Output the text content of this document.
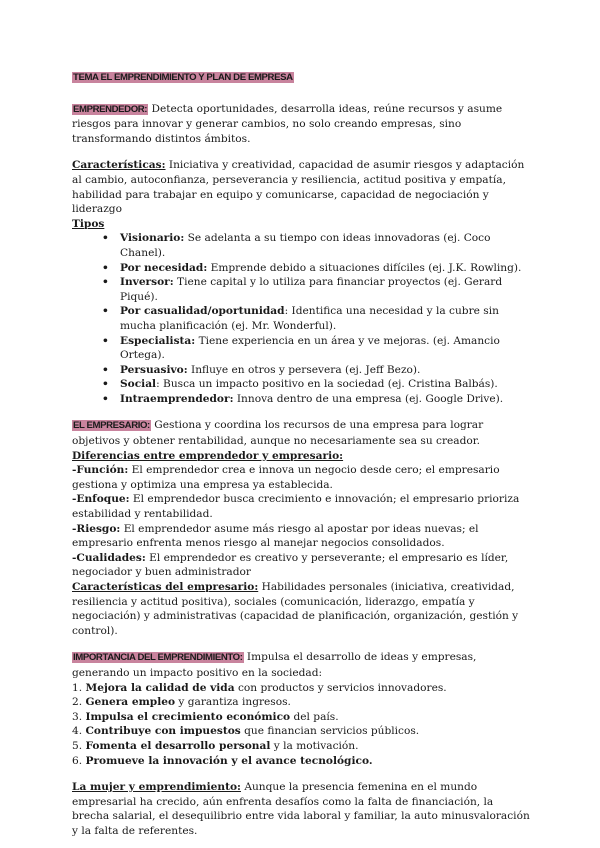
TEMA EL EMPRENDIMIENTO Y PLAN DE EMPRESA

EMPRENDEDOR: Detecta oportunidades, desarrolla ideas, reúne recursos y asume riesgos para innovar y generar cambios, no solo creando empresas, sino transformando distintos ámbitos.

Características: Iniciativa y creatividad, capacidad de asumir riesgos y adaptación al cambio, autoconfianza, perseverancia y resiliencia, actitud positiva y empatía, habilidad para trabajar en equipo y comunicarse, capacidad de negociación y liderazgo

Tipos
• Visionario: Se adelanta a su tiempo con ideas innovadoras (ej. Coco Chanel).
• Por necesidad: Emprende debido a situaciones difíciles (ej. J.K. Rowling).
• Inversor: Tiene capital y lo utiliza para financiar proyectos (ej. Gerard Piqué).
• Por casualidad/oportunidad: Identifica una necesidad y la cubre sin mucha planificación (ej. Mr. Wonderful).
• Especialista: Tiene experiencia en un área y ve mejoras. (ej. Amancio Ortega).
• Persuasivo: Influye en otros y persevera (ej. Jeff Bezo).
• Social: Busca un impacto positivo en la sociedad (ej. Cristina Balbás).
• Intraemprendedor: Innova dentro de una empresa (ej. Google Drive).

EL EMPRESARIO: Gestiona y coordina los recursos de una empresa para lograr objetivos y obtener rentabilidad, aunque no necesariamente sea su creador.

Diferencias entre emprendedor y empresario:

-Función: El emprendedor crea e innova un negocio desde cero; el empresario gestiona y optimiza una empresa ya establecida.

-Enfoque: El emprendedor busca crecimiento e innovación; el empresario prioriza estabilidad y rentabilidad.

-Riesgo: El emprendedor asume más riesgo al apostar por ideas nuevas; el empresario enfrenta menos riesgo al manejar negocios consolidados.

-Cualidades: El emprendedor es creativo y perseverante; el empresario es líder, negociador y buen administrador

Características del empresario: Habilidades personales (iniciativa, creatividad, resiliencia y actitud positiva), sociales (comunicación, liderazgo, empatía y negociación) y administrativas (capacidad de planificación, organización, gestión y control).

IMPORTANCIA DEL EMPRENDIMIENTO: Impulsa el desarrollo de ideas y empresas, generando un impacto positivo en la sociedad:

1. Mejora la calidad de vida con productos y servicios innovadores.
2. Genera empleo y garantiza ingresos.
3. Impulsa el crecimiento económico del país.
4. Contribuye con impuestos que financian servicios públicos.
5. Fomenta el desarrollo personal y la motivación.
6. Promueve la innovación y el avance tecnológico.

La mujer y emprendimiento: Aunque la presencia femenina en el mundo empresarial ha crecido, aún enfrenta desafíos como la falta de financiación, la brecha salarial, el desequilibrio entre vida laboral y familiar, la auto minusvaloración y la falta de referentes.
